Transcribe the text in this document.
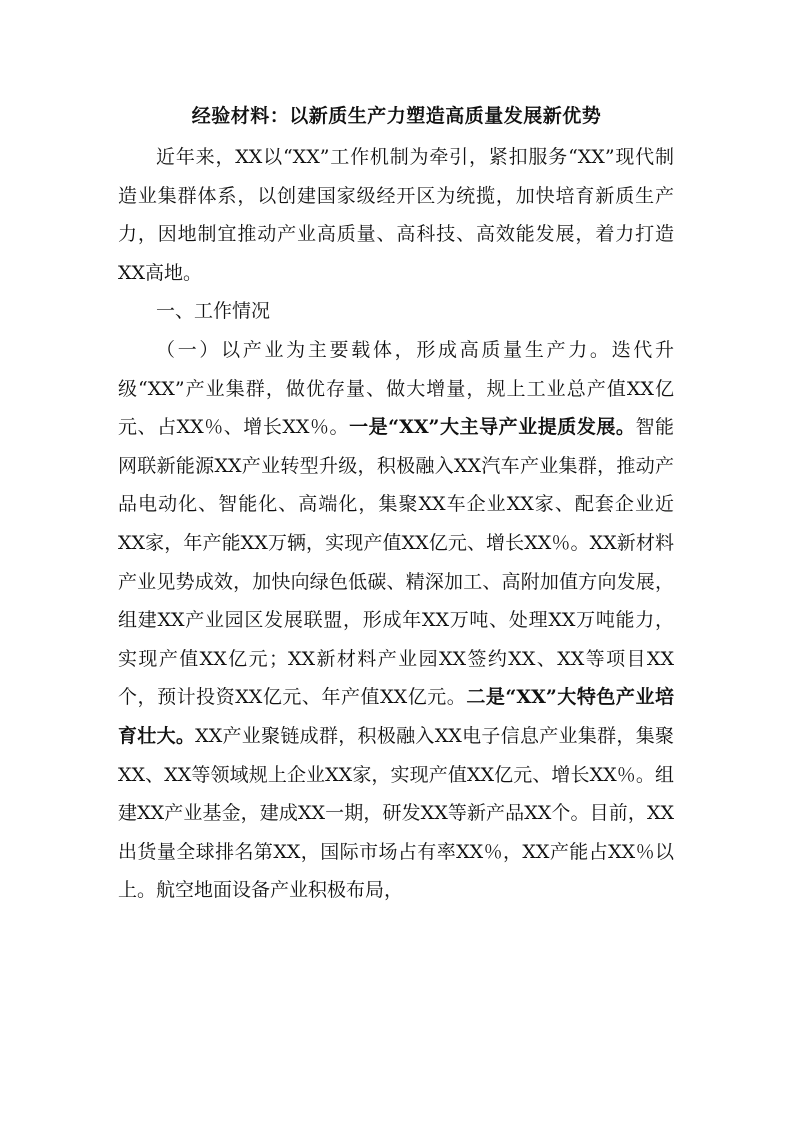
经验材料：以新质生产力塑造高质量发展新优势

近年来，XX以“XX”工作机制为牵引，紧扣服务“XX”现代制造业集群体系，以创建国家级经开区为统揽，加快培育新质生产力，因地制宜推动产业高质量、高科技、高效能发展，着力打造XX高地。

一、工作情况

（一）以产业为主要载体，形成高质量生产力。迭代升级“XX”产业集群，做优存量、做大增量，规上工业总产值XX亿元、占XX％、增长XX％。一是“XX”大主导产业提质发展。智能网联新能源XX产业转型升级，积极融入XX汽车产业集群，推动产品电动化、智能化、高端化，集聚XX车企业XX家、配套企业近XX家，年产能XX万辆，实现产值XX亿元、增长XX％。XX新材料产业见势成效，加快向绿色低碳、精深加工、高附加值方向发展，组建XX产业园区发展联盟，形成年XX万吨、处理XX万吨能力，实现产值XX亿元；XX新材料产业园XX签约XX、XX等项目XX个，预计投资XX亿元、年产值XX亿元。二是“XX”大特色产业培育壮大。XX产业聚链成群，积极融入XX电子信息产业集群，集聚XX、XX等领域规上企业XX家，实现产值XX亿元、增长XX％。组建XX产业基金，建成XX一期，研发XX等新产品XX个。目前，XX出货量全球排名第XX，国际市场占有率XX％，XX产能占XX％以上。航空地面设备产业积极布局，
